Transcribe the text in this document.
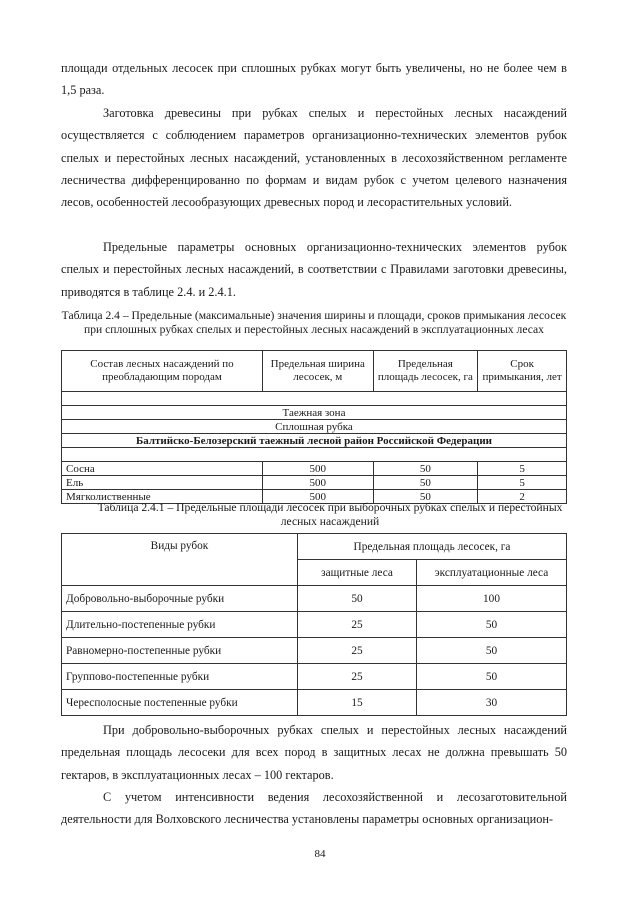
площади отдельных лесосек при сплошных рубках могут быть увеличены, но не более чем в 1,5 раза.

Заготовка древесины при рубках спелых и перестойных лесных насаждений осуществляется с соблюдением параметров организационно-технических элементов рубок спелых и перестойных лесных насаждений, установленных в лесохозяйственном регламенте лесничества дифференцированно по формам и видам рубок с учетом целевого назначения лесов, особенностей лесообразующих древесных пород и лесорастительных условий.

Предельные параметры основных организационно-технических элементов рубок спелых и перестойных лесных насаждений, в соответствии с Правилами заготовки древесины, приводятся в таблице 2.4. и 2.4.1.

Таблица 2.4 – Предельные (максимальные) значения ширины и площади, сроков примыкания лесосек при сплошных рубках спелых и перестойных лесных насаждений в эксплуатационных лесах

Состав лесных насаждений по преобладающим породам	Предельная ширина лесосек, м	Предельная площадь лесосек, га	Срок примыкания, лет

Таежная зона			
Сплошная рубка			
Балтийско-Белозерский таежный лесной район Российской Федерации			

Сосна	500	50	5
Ель	500	50	5
Мягколиственные	500	50	2

Таблица 2.4.1 – Предельные площади лесосек при выборочных рубках спелых и перестойных лесных насаждений

Виды рубок	Предельная площадь лесосек, га	
	защитные леса	эксплуатационные леса
Добровольно-выборочные рубки	50	100
Длительно-постепенные рубки	25	50
Равномерно-постепенные рубки	25	50
Группово-постепенные рубки	25	50
Чересполосные постепенные рубки	15	30

При добровольно-выборочных рубках спелых и перестойных лесных насаждений предельная площадь лесосеки для всех пород в защитных лесах не должна превышать 50 гектаров, в эксплуатационных лесах – 100 гектаров.

С учетом интенсивности ведения лесохозяйственной и лесозаготовительной деятельности для Волховского лесничества установлены параметры основных организацион-

84
